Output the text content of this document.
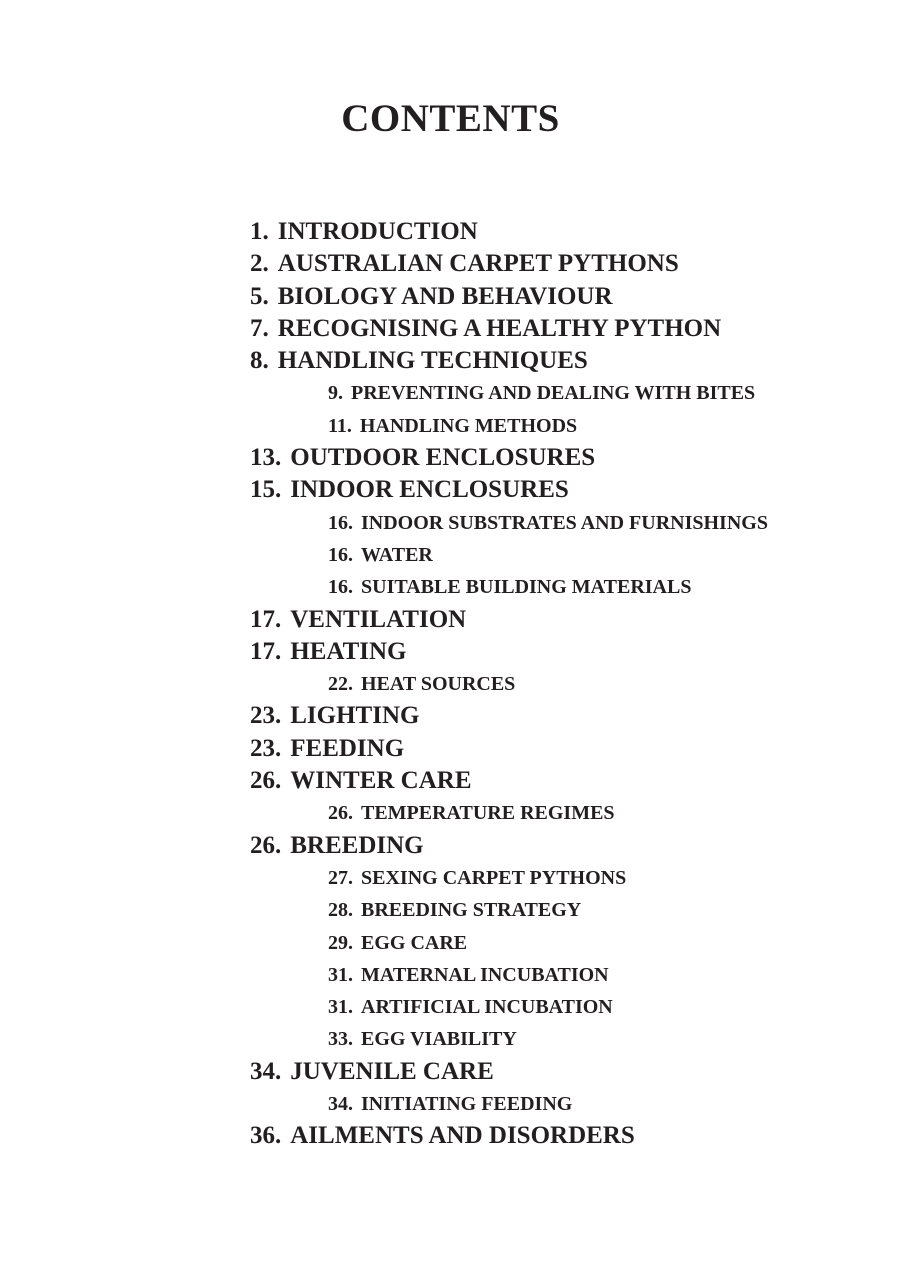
CONTENTS
1. INTRODUCTION
2. AUSTRALIAN CARPET PYTHONS
5. BIOLOGY AND BEHAVIOUR
7. RECOGNISING A HEALTHY PYTHON
8. HANDLING TECHNIQUES
9. PREVENTING AND DEALING WITH BITES
11. HANDLING METHODS
13. OUTDOOR ENCLOSURES
15. INDOOR ENCLOSURES
16. INDOOR SUBSTRATES AND FURNISHINGS
16. WATER
16. SUITABLE BUILDING MATERIALS
17. VENTILATION
17. HEATING
22. HEAT SOURCES
23. LIGHTING
23. FEEDING
26. WINTER CARE
26. TEMPERATURE REGIMES
26. BREEDING
27. SEXING CARPET PYTHONS
28. BREEDING STRATEGY
29. EGG CARE
31. MATERNAL INCUBATION
31. ARTIFICIAL INCUBATION
33. EGG VIABILITY
34. JUVENILE CARE
34. INITIATING FEEDING
36. AILMENTS AND DISORDERS
